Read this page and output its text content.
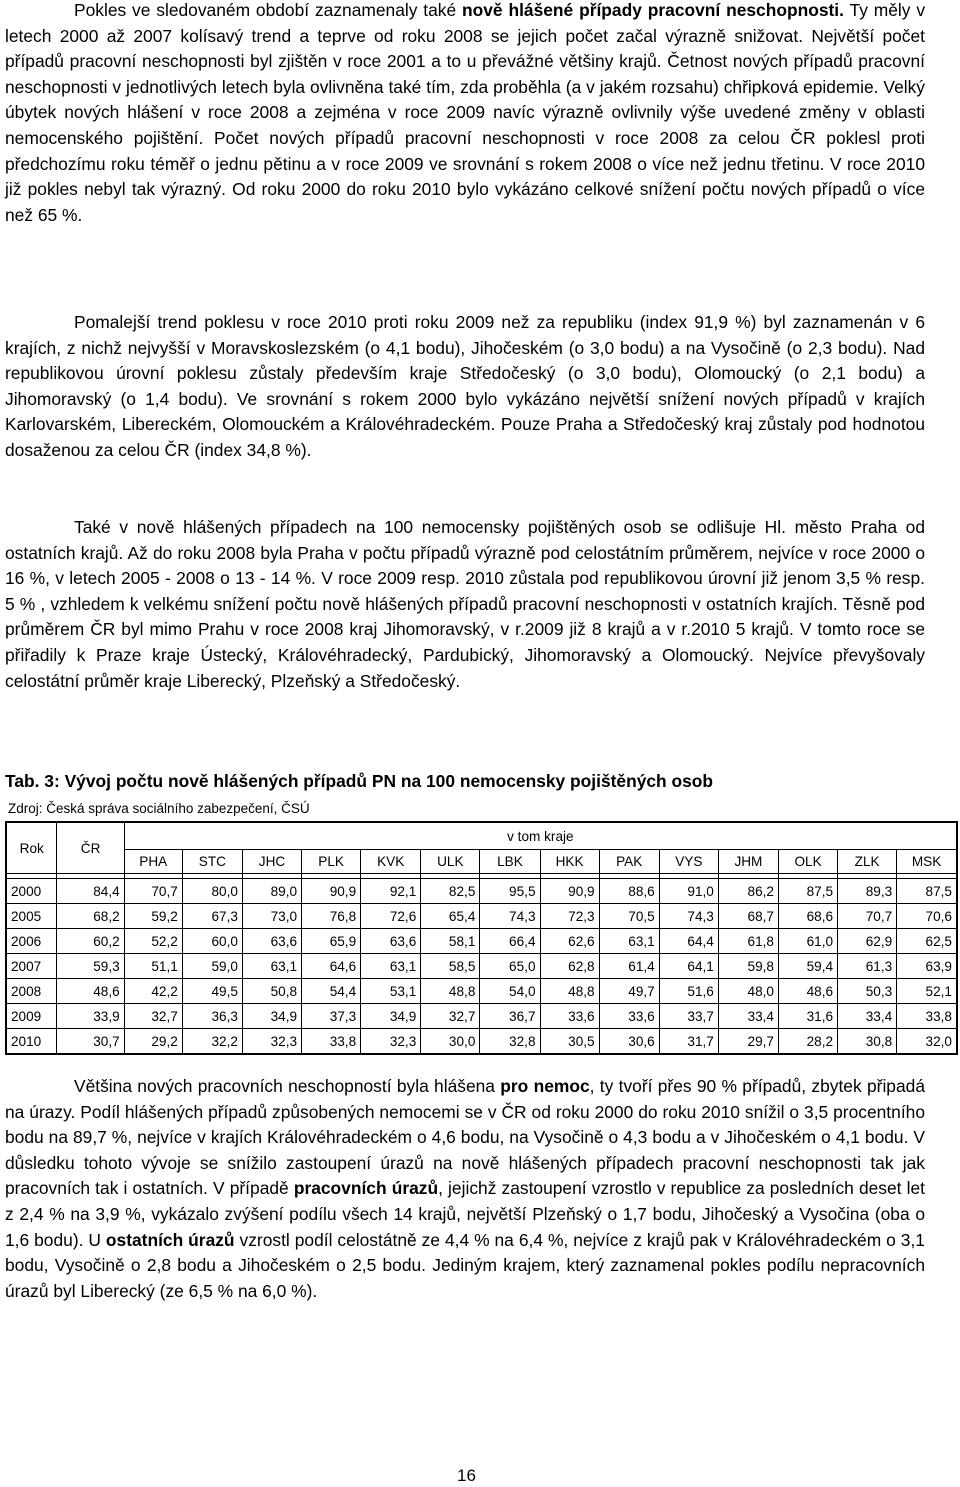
Pokles ve sledovaném období zaznamenaly také nově hlášené případy pracovní neschopnosti. Ty měly v letech 2000 až 2007 kolísavý trend a teprve od roku 2008 se jejich počet začal výrazně snižovat. Největší počet případů pracovní neschopnosti byl zjištěn v roce 2001 a to u převážné většiny krajů. Četnost nových případů pracovní neschopnosti v jednotlivých letech byla ovlivněna také tím, zda proběhla (a v jakém rozsahu) chřipková epidemie. Velký úbytek nových hlášení v roce 2008 a zejména v roce 2009 navíc výrazně ovlivnily výše uvedené změny v oblasti nemocenského pojištění. Počet nových případů pracovní neschopnosti v roce 2008 za celou ČR poklesl proti předchozímu roku téměř o jednu pětinu a v roce 2009 ve srovnání s rokem 2008 o více než jednu třetinu. V roce 2010 již pokles nebyl tak výrazný. Od roku 2000 do roku 2010 bylo vykázáno celkové snížení počtu nových případů o více než 65 %.

Pomalejší trend poklesu v roce 2010 proti roku 2009 než za republiku (index 91,9 %) byl zaznamenán v 6 krajích, z nichž nejvyšší v Moravskoslezském (o 4,1 bodu), Jihočeském (o 3,0 bodu) a na Vysočině (o 2,3 bodu). Nad republikovou úrovní poklesu zůstaly především kraje Středočeský (o 3,0 bodu), Olomoucký (o 2,1 bodu) a Jihomoravský (o 1,4 bodu). Ve srovnání s rokem 2000 bylo vykázáno největší snížení nových případů v krajích Karlovarském, Libereckém, Olomouckém a Královéhradeckém. Pouze Praha a Středočeský kraj zůstaly pod hodnotou dosaženou za celou ČR (index 34,8 %).

Také v nově hlášených případech na 100 nemocensky pojištěných osob se odlišuje Hl. město Praha od ostatních krajů. Až do roku 2008 byla Praha v počtu případů výrazně pod celostátním průměrem, nejvíce v roce 2000 o 16 %, v letech 2005 - 2008 o 13 - 14 %. V roce 2009 resp. 2010 zůstala pod republikovou úrovní již jenom 3,5 % resp. 5 % , vzhledem k velkému snížení počtu nově hlášených případů pracovní neschopnosti v ostatních krajích. Těsně pod průměrem ČR byl mimo Prahu v roce 2008 kraj Jihomoravský, v r.2009 již 8 krajů a v r.2010 5 krajů. V tomto roce se přiřadily k Praze kraje Ústecký, Královéhradecký, Pardubický, Jihomoravský a Olomoucký. Nejvíce převyšovaly celostátní průměr kraje Liberecký, Plzeňský a Středočeský.

Tab. 3: Vývoj počtu nově hlášených případů PN na 100 nemocensky pojištěných osob
Zdroj: Česká správa sociálního zabezpečení, ČSÚ
Rok	ČR	v tom kraje													
		PHA	STC	JHC	PLK	KVK	ULK	LBK	HKK	PAK	VYS	JHM	OLK	ZLK	MSK

2000	84,4	70,7	80,0	89,0	90,9	92,1	82,5	95,5	90,9	88,6	91,0	86,2	87,5	89,3	87,5
2005	68,2	59,2	67,3	73,0	76,8	72,6	65,4	74,3	72,3	70,5	74,3	68,7	68,6	70,7	70,6
2006	60,2	52,2	60,0	63,6	65,9	63,6	58,1	66,4	62,6	63,1	64,4	61,8	61,0	62,9	62,5
2007	59,3	51,1	59,0	63,1	64,6	63,1	58,5	65,0	62,8	61,4	64,1	59,8	59,4	61,3	63,9
2008	48,6	42,2	49,5	50,8	54,4	53,1	48,8	54,0	48,8	49,7	51,6	48,0	48,6	50,3	52,1
2009	33,9	32,7	36,3	34,9	37,3	34,9	32,7	36,7	33,6	33,6	33,7	33,4	31,6	33,4	33,8
2010	30,7	29,2	32,2	32,3	33,8	32,3	30,0	32,8	30,5	30,6	31,7	29,7	28,2	30,8	32,0

Většina nových pracovních neschopností byla hlášena pro nemoc, ty tvoří přes 90 % případů, zbytek připadá na úrazy. Podíl hlášených případů způsobených nemocemi se v ČR od roku 2000 do roku 2010 snížil o 3,5 procentního bodu na 89,7 %, nejvíce v krajích Královéhradeckém o 4,6 bodu, na Vysočině o 4,3 bodu a v Jihočeském o 4,1 bodu. V důsledku tohoto vývoje se snížilo zastoupení úrazů na nově hlášených případech pracovní neschopnosti tak jak pracovních tak i ostatních. V případě pracovních úrazů, jejichž zastoupení vzrostlo v republice za posledních deset let z 2,4 % na 3,9 %, vykázalo zvýšení podílu všech 14 krajů, největší Plzeňský o 1,7 bodu, Jihočeský a Vysočina (oba o 1,6 bodu). U ostatních úrazů vzrostl podíl celostátně ze 4,4 % na 6,4 %, nejvíce z krajů pak v Královéhradeckém o 3,1 bodu, Vysočině o 2,8 bodu a Jihočeském o 2,5 bodu. Jediným krajem, který zaznamenal pokles podílu nepracovních úrazů byl Liberecký (ze 6,5 % na 6,0 %).

16
